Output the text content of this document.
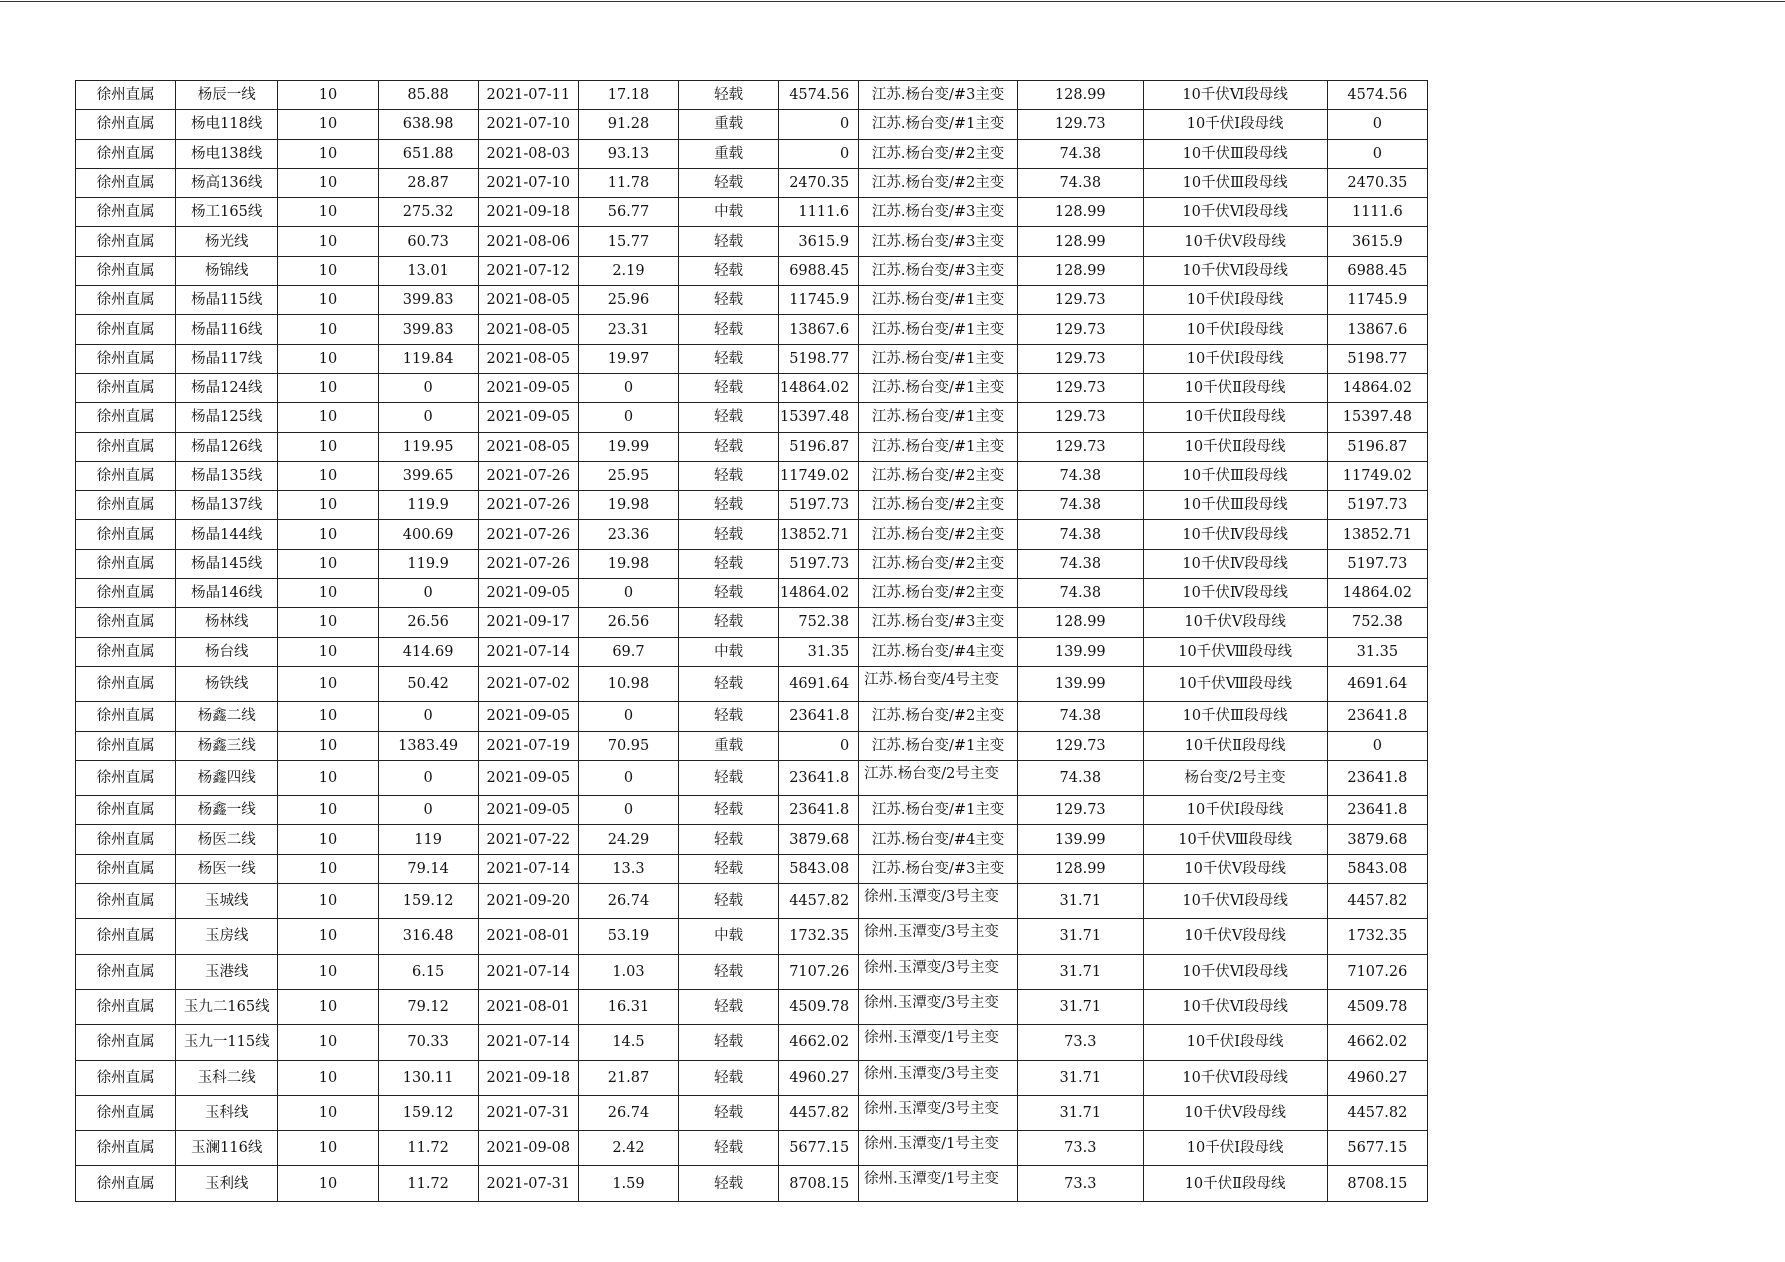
徐州直属	杨辰一线	10	85.88	2021-07-11	17.18	轻载	4574.56	江苏.杨台变/#3主变	128.99	10千伏Ⅵ段母线	4574.56
徐州直属	杨电118线	10	638.98	2021-07-10	91.28	重载	0	江苏.杨台变/#1主变	129.73	10千伏Ⅰ段母线	0
徐州直属	杨电138线	10	651.88	2021-08-03	93.13	重载	0	江苏.杨台变/#2主变	74.38	10千伏Ⅲ段母线	0
徐州直属	杨高136线	10	28.87	2021-07-10	11.78	轻载	2470.35	江苏.杨台变/#2主变	74.38	10千伏Ⅲ段母线	2470.35
徐州直属	杨工165线	10	275.32	2021-09-18	56.77	中载	1111.6	江苏.杨台变/#3主变	128.99	10千伏Ⅵ段母线	1111.6
徐州直属	杨光线	10	60.73	2021-08-06	15.77	轻载	3615.9	江苏.杨台变/#3主变	128.99	10千伏Ⅴ段母线	3615.9
徐州直属	杨锦线	10	13.01	2021-07-12	2.19	轻载	6988.45	江苏.杨台变/#3主变	128.99	10千伏Ⅵ段母线	6988.45
徐州直属	杨晶115线	10	399.83	2021-08-05	25.96	轻载	11745.9	江苏.杨台变/#1主变	129.73	10千伏Ⅰ段母线	11745.9
徐州直属	杨晶116线	10	399.83	2021-08-05	23.31	轻载	13867.6	江苏.杨台变/#1主变	129.73	10千伏Ⅰ段母线	13867.6
徐州直属	杨晶117线	10	119.84	2021-08-05	19.97	轻载	5198.77	江苏.杨台变/#1主变	129.73	10千伏Ⅰ段母线	5198.77
徐州直属	杨晶124线	10	0	2021-09-05	0	轻载	14864.02	江苏.杨台变/#1主变	129.73	10千伏Ⅱ段母线	14864.02
徐州直属	杨晶125线	10	0	2021-09-05	0	轻载	15397.48	江苏.杨台变/#1主变	129.73	10千伏Ⅱ段母线	15397.48
徐州直属	杨晶126线	10	119.95	2021-08-05	19.99	轻载	5196.87	江苏.杨台变/#1主变	129.73	10千伏Ⅱ段母线	5196.87
徐州直属	杨晶135线	10	399.65	2021-07-26	25.95	轻载	11749.02	江苏.杨台变/#2主变	74.38	10千伏Ⅲ段母线	11749.02
徐州直属	杨晶137线	10	119.9	2021-07-26	19.98	轻载	5197.73	江苏.杨台变/#2主变	74.38	10千伏Ⅲ段母线	5197.73
徐州直属	杨晶144线	10	400.69	2021-07-26	23.36	轻载	13852.71	江苏.杨台变/#2主变	74.38	10千伏Ⅳ段母线	13852.71
徐州直属	杨晶145线	10	119.9	2021-07-26	19.98	轻载	5197.73	江苏.杨台变/#2主变	74.38	10千伏Ⅳ段母线	5197.73
徐州直属	杨晶146线	10	0	2021-09-05	0	轻载	14864.02	江苏.杨台变/#2主变	74.38	10千伏Ⅳ段母线	14864.02
徐州直属	杨林线	10	26.56	2021-09-17	26.56	轻载	752.38	江苏.杨台变/#3主变	128.99	10千伏Ⅴ段母线	752.38
徐州直属	杨台线	10	414.69	2021-07-14	69.7	中载	31.35	江苏.杨台变/#4主变	139.99	10千伏Ⅷ段母线	31.35
徐州直属	杨铁线	10	50.42	2021-07-02	10.98	轻载	4691.64	江苏.杨台变/4号主变	139.99	10千伏Ⅷ段母线	4691.64
徐州直属	杨鑫二线	10	0	2021-09-05	0	轻载	23641.8	江苏.杨台变/#2主变	74.38	10千伏Ⅲ段母线	23641.8
徐州直属	杨鑫三线	10	1383.49	2021-07-19	70.95	重载	0	江苏.杨台变/#1主变	129.73	10千伏Ⅱ段母线	0
徐州直属	杨鑫四线	10	0	2021-09-05	0	轻载	23641.8	江苏.杨台变/2号主变	74.38	杨台变/2号主变	23641.8
徐州直属	杨鑫一线	10	0	2021-09-05	0	轻载	23641.8	江苏.杨台变/#1主变	129.73	10千伏Ⅰ段母线	23641.8
徐州直属	杨医二线	10	119	2021-07-22	24.29	轻载	3879.68	江苏.杨台变/#4主变	139.99	10千伏Ⅷ段母线	3879.68
徐州直属	杨医一线	10	79.14	2021-07-14	13.3	轻载	5843.08	江苏.杨台变/#3主变	128.99	10千伏Ⅴ段母线	5843.08
徐州直属	玉城线	10	159.12	2021-09-20	26.74	轻载	4457.82	徐州.玉潭变/3号主变	31.71	10千伏Ⅵ段母线	4457.82
徐州直属	玉房线	10	316.48	2021-08-01	53.19	中载	1732.35	徐州.玉潭变/3号主变	31.71	10千伏Ⅴ段母线	1732.35
徐州直属	玉港线	10	6.15	2021-07-14	1.03	轻载	7107.26	徐州.玉潭变/3号主变	31.71	10千伏Ⅵ段母线	7107.26
徐州直属	玉九二165线	10	79.12	2021-08-01	16.31	轻载	4509.78	徐州.玉潭变/3号主变	31.71	10千伏Ⅵ段母线	4509.78
徐州直属	玉九一115线	10	70.33	2021-07-14	14.5	轻载	4662.02	徐州.玉潭变/1号主变	73.3	10千伏Ⅰ段母线	4662.02
徐州直属	玉科二线	10	130.11	2021-09-18	21.87	轻载	4960.27	徐州.玉潭变/3号主变	31.71	10千伏Ⅵ段母线	4960.27
徐州直属	玉科线	10	159.12	2021-07-31	26.74	轻载	4457.82	徐州.玉潭变/3号主变	31.71	10千伏Ⅴ段母线	4457.82
徐州直属	玉澜116线	10	11.72	2021-09-08	2.42	轻载	5677.15	徐州.玉潭变/1号主变	73.3	10千伏Ⅰ段母线	5677.15
徐州直属	玉利线	10	11.72	2021-07-31	1.59	轻载	8708.15	徐州.玉潭变/1号主变	73.3	10千伏Ⅱ段母线	8708.15
